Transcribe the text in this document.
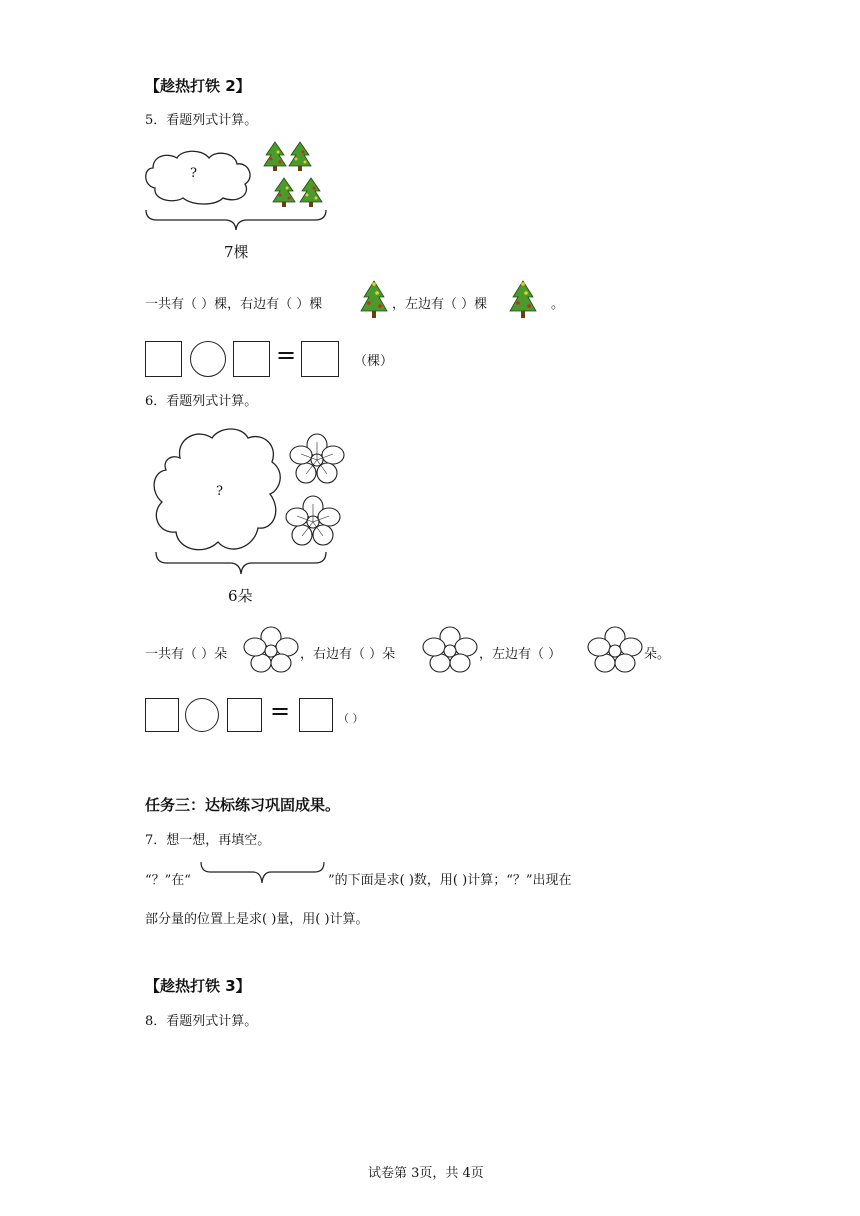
【趁热打铁 2】
5．看题列式计算。
?
7棵
一共有（ ）棵，右边有（ ）棵	，左边有（ ）棵	。
=	（棵）
6．看题列式计算。
?
6朵
一共有（ ）朵	，右边有（ ）朵	，左边有（ ）	朵。
=	（ ）
任务三：达标练习巩固成果。
7．想一想，再填空。
“？”在“	”的下面是求( )数，用( )计算；“？”出现在
部分量的位置上是求( )量，用( )计算。
【趁热打铁 3】
8．看题列式计算。
试卷第 3页，共 4页
